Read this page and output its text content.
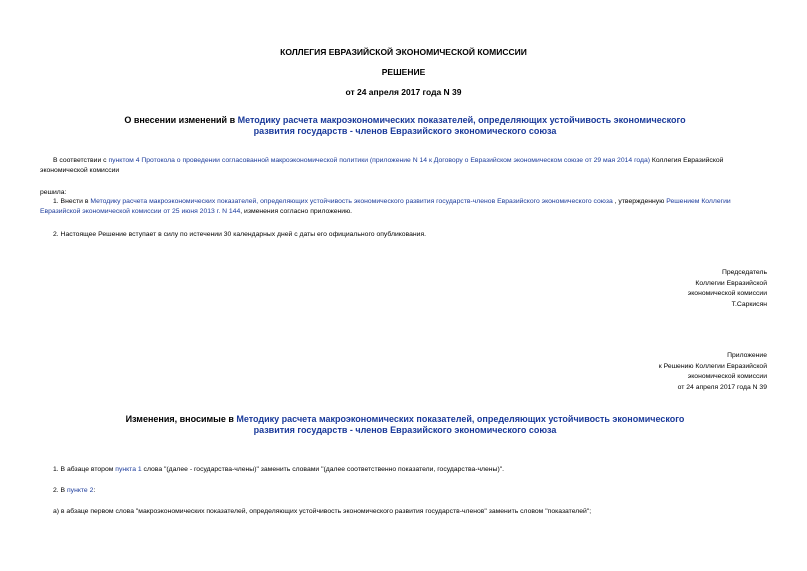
КОЛЛЕГИЯ ЕВРАЗИЙСКОЙ ЭКОНОМИЧЕСКОЙ КОМИССИИ
РЕШЕНИЕ
от 24 апреля 2017 года N 39
О внесении изменений в Методику расчета макроэкономических показателей, определяющих устойчивость экономического развития государств - членов Евразийского экономического союза
В соответствии с пунктом 4 Протокола о проведении согласованной макроэкономической политики (приложение N 14 к Договору о Евразийском экономическом союзе от 29 мая 2014 года) Коллегия Евразийской экономической комиссии
решила:
1. Внести в Методику расчета макроэкономических показателей, определяющих устойчивость экономического развития государств-членов Евразийского экономического союза , утвержденную Решением Коллегии Евразийской экономической комиссии от 25 июня 2013 г. N 144, изменения согласно приложению.
2. Настоящее Решение вступает в силу по истечении 30 календарных дней с даты его официального опубликования.
Председатель
Коллегии Евразийской
экономической комиссии
Т.Саркисян
Приложение
к Решению Коллегии Евразийской
экономической комиссии
от 24 апреля 2017 года N 39
Изменения, вносимые в Методику расчета макроэкономических показателей, определяющих устойчивость экономического развития государств - членов Евразийского экономического союза
1. В абзаце втором пункта 1 слова "(далее - государства-члены)" заменить словами "(далее соответственно показатели, государства-члены)".
2. В пункте 2:
а) в абзаце первом слова "макроэкономических показателей, определяющих устойчивость экономического развития государств-членов" заменить словом "показателей";
